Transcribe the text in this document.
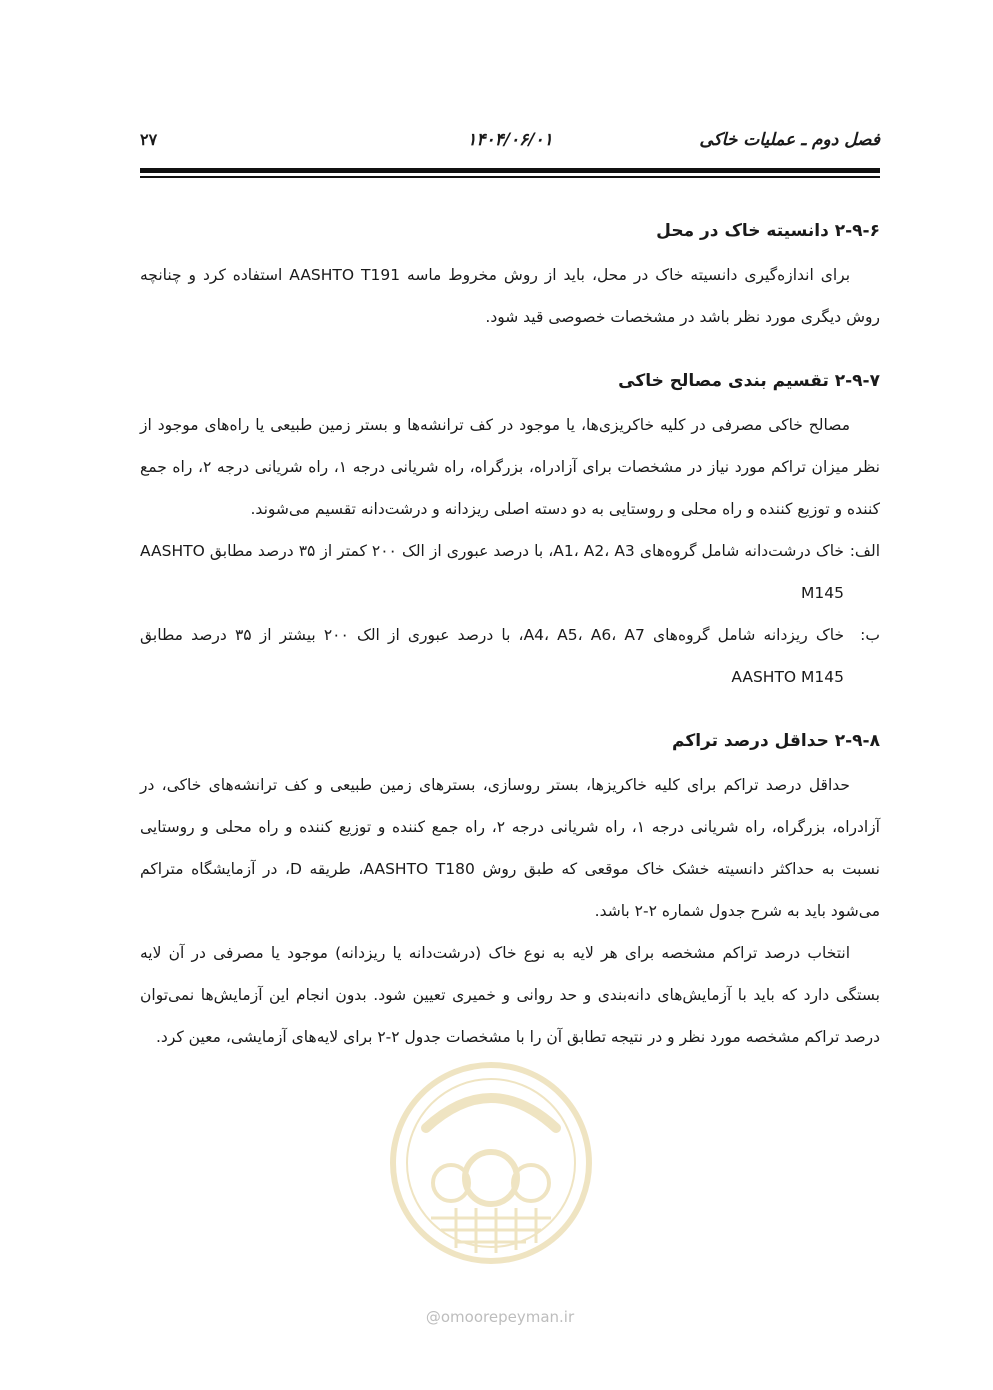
فصل دوم ـ عملیات خاکی
۱۴۰۴/۰۶/۰۱
۲۷

۲-۹-۶ دانسیته خاک در محل

برای اندازه‌گیری دانسیته خاک در محل، باید از روش مخروط ماسه AASHTO T191 استفاده کرد و چنانچه روش دیگری مورد نظر باشد در مشخصات خصوصی قید شود.

۲-۹-۷ تقسیم بندی مصالح خاکی

مصالح خاکی مصرفی در کلیه خاکریزی‌ها، یا موجود در کف ترانشه‌ها و بستر زمین طبیعی یا راه‌های موجود از نظر میزان تراکم مورد نیاز در مشخصات برای آزادراه، بزرگراه، راه شریانی درجه ۱، راه شریانی درجه ۲، راه جمع کننده و توزیع کننده و راه محلی و روستایی به دو دسته اصلی ریزدانه و درشت‌دانه تقسیم می‌شوند.

الف:
خاک درشت‌دانه شامل گروه‌های A1، A2، A3، با درصد عبوری از الک ۲۰۰ کمتر از ۳۵ درصد مطابق AASHTO M145
ب:
خاک ریزدانه شامل گروه‌های A4، A5، A6، A7، با درصد عبوری از الک ۲۰۰ بیشتر از ۳۵ درصد مطابق AASHTO M145

۲-۹-۸ حداقل درصد تراکم

حداقل درصد تراکم برای کلیه خاکریزها، بستر روسازی، بسترهای زمین طبیعی و کف ترانشه‌های خاکی، در آزادراه، بزرگراه، راه شریانی درجه ۱، راه شریانی درجه ۲، راه جمع کننده و توزیع کننده و راه محلی و روستایی نسبت به حداکثر دانسیته خشک خاک موقعی که طبق روش AASHTO T180، طریقه D، در آزمایشگاه متراکم می‌شود باید به شرح جدول شماره ۲-۲ باشد.

انتخاب درصد تراکم مشخصه برای هر لایه به نوع خاک (درشت‌دانه یا ریزدانه) موجود یا مصرفی در آن لایه بستگی دارد که باید با آزمایش‌های دانه‌بندی و حد روانی و خمیری تعیین شود. بدون انجام این آزمایش‌ها نمی‌توان درصد تراکم مشخصه مورد نظر و در نتیجه تطابق آن را با مشخصات جدول ۲-۲ برای لایه‌های آزمایشی، معین کرد.

@omoorepeyman.ir
